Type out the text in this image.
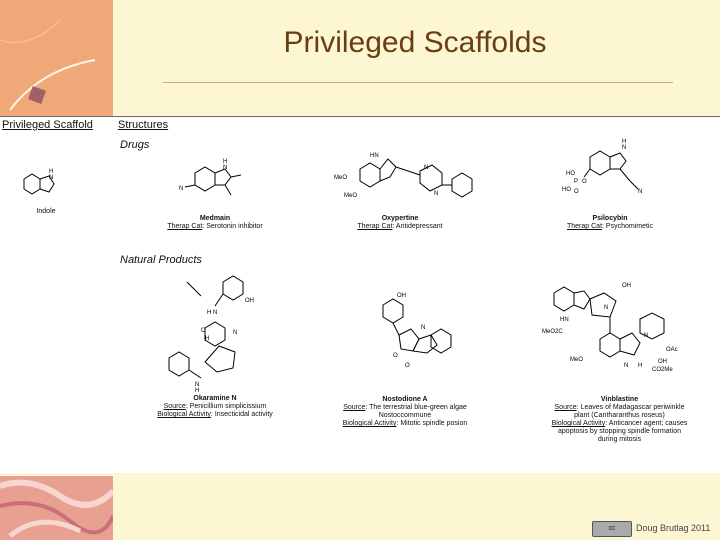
Privileged Scaffolds
Privileged Scaffold Structures
Drugs
Natural Products
H
N
Indole
H
N
N
Medmain
Therap Cat: Serotonin inhibitor
HN
MeO
MeO
N
N
Oxypertine
Therap Cat: Antidepressant
H
N
HO
P O
HO O	N
Psilocybin
Therap Cat: Psychomimetic
OH
H N
O
H
N
N
H
Okaramine N
Source: Penicillium simplicissium
Biological Activity: Insecticidal activity
OH
N
O
O
Nostodione A
Source: The terrestrial blue-green algae
Nostoccommune
Biological Activity: Mitotic spindle posion
OH
N
HN
MeO2C
MeO
N
N
OAc
OH
CO2Me
H
Vinblastine
Source: Leaves of Madagascar periwinkle
plant (Cantharanthus roseus)
Biological Activity: Anticancer agent; causes
apoptosis by stopping spindle formation
during mitosis
cc	Doug Brutlag 2011
